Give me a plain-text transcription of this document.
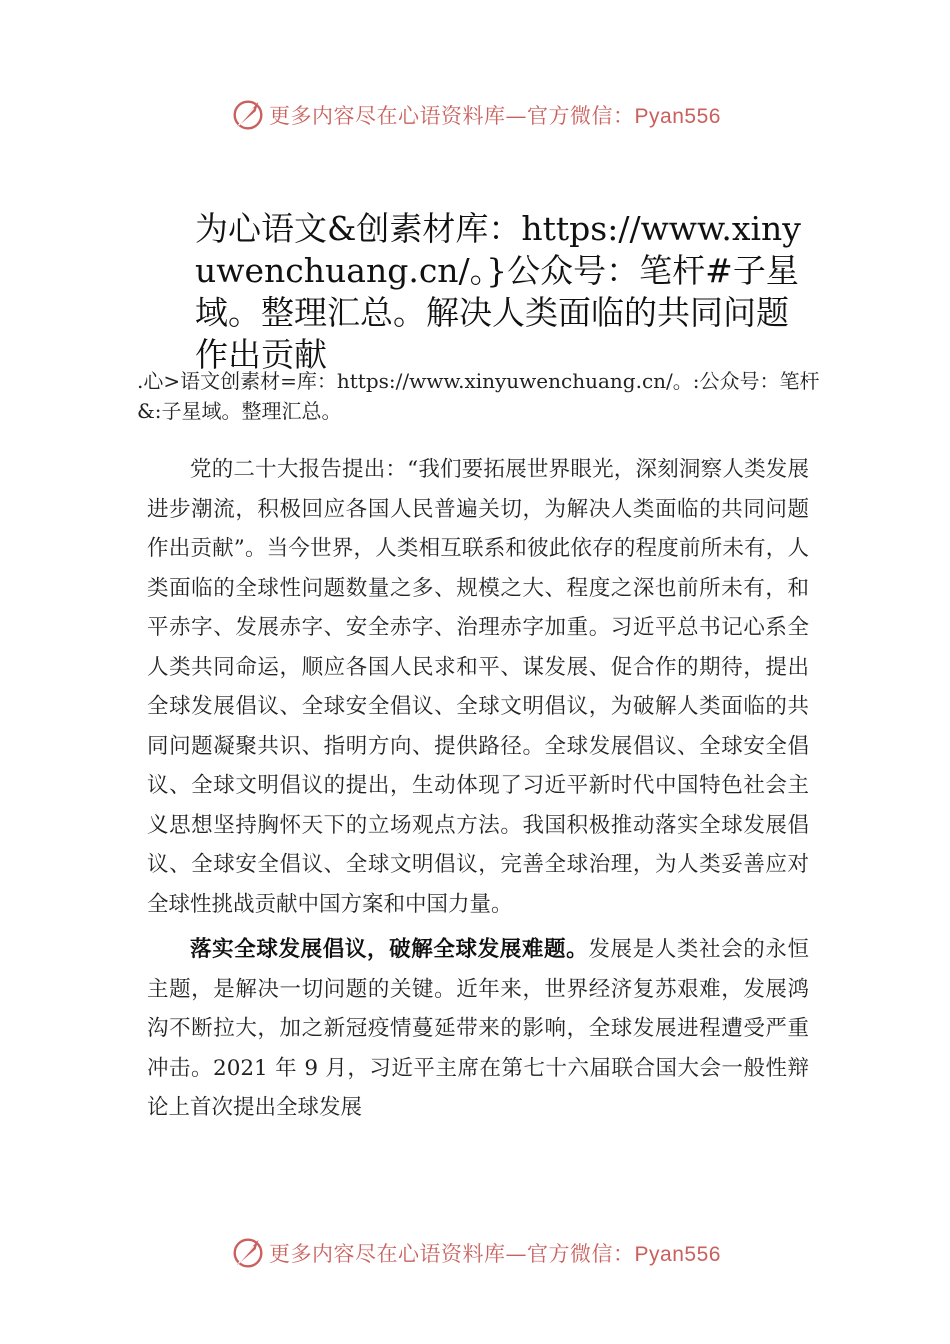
更多内容尽在心语资料库—官方微信：Pyan556
为心语文&创素材库：https://www.xinyuwenchuang.cn/。}公众号：笔杆#子星域。整理汇总。解决人类面临的共同问题作出贡献
.心>语文创素材=库：https://www.xinyuwenchuang.cn/。:公众号：笔杆&:子星域。整理汇总。

党的二十大报告提出：“我们要拓展世界眼光，深刻洞察人类发展进步潮流，积极回应各国人民普遍关切，为解决人类面临的共同问题作出贡献”。当今世界，人类相互联系和彼此依存的程度前所未有，人类面临的全球性问题数量之多、规模之大、程度之深也前所未有，和平赤字、发展赤字、安全赤字、治理赤字加重。习近平总书记心系全人类共同命运，顺应各国人民求和平、谋发展、促合作的期待，提出全球发展倡议、全球安全倡议、全球文明倡议，为破解人类面临的共同问题凝聚共识、指明方向、提供路径。全球发展倡议、全球安全倡议、全球文明倡议的提出，生动体现了习近平新时代中国特色社会主义思想坚持胸怀天下的立场观点方法。我国积极推动落实全球发展倡议、全球安全倡议、全球文明倡议，完善全球治理，为人类妥善应对全球性挑战贡献中国方案和中国力量。

落实全球发展倡议，破解全球发展难题。发展是人类社会的永恒主题，是解决一切问题的关键。近年来，世界经济复苏艰难，发展鸿沟不断拉大，加之新冠疫情蔓延带来的影响，全球发展进程遭受严重冲击。2021 年 9 月，习近平主席在第七十六届联合国大会一般性辩论上首次提出全球发展

更多内容尽在心语资料库—官方微信：Pyan556
